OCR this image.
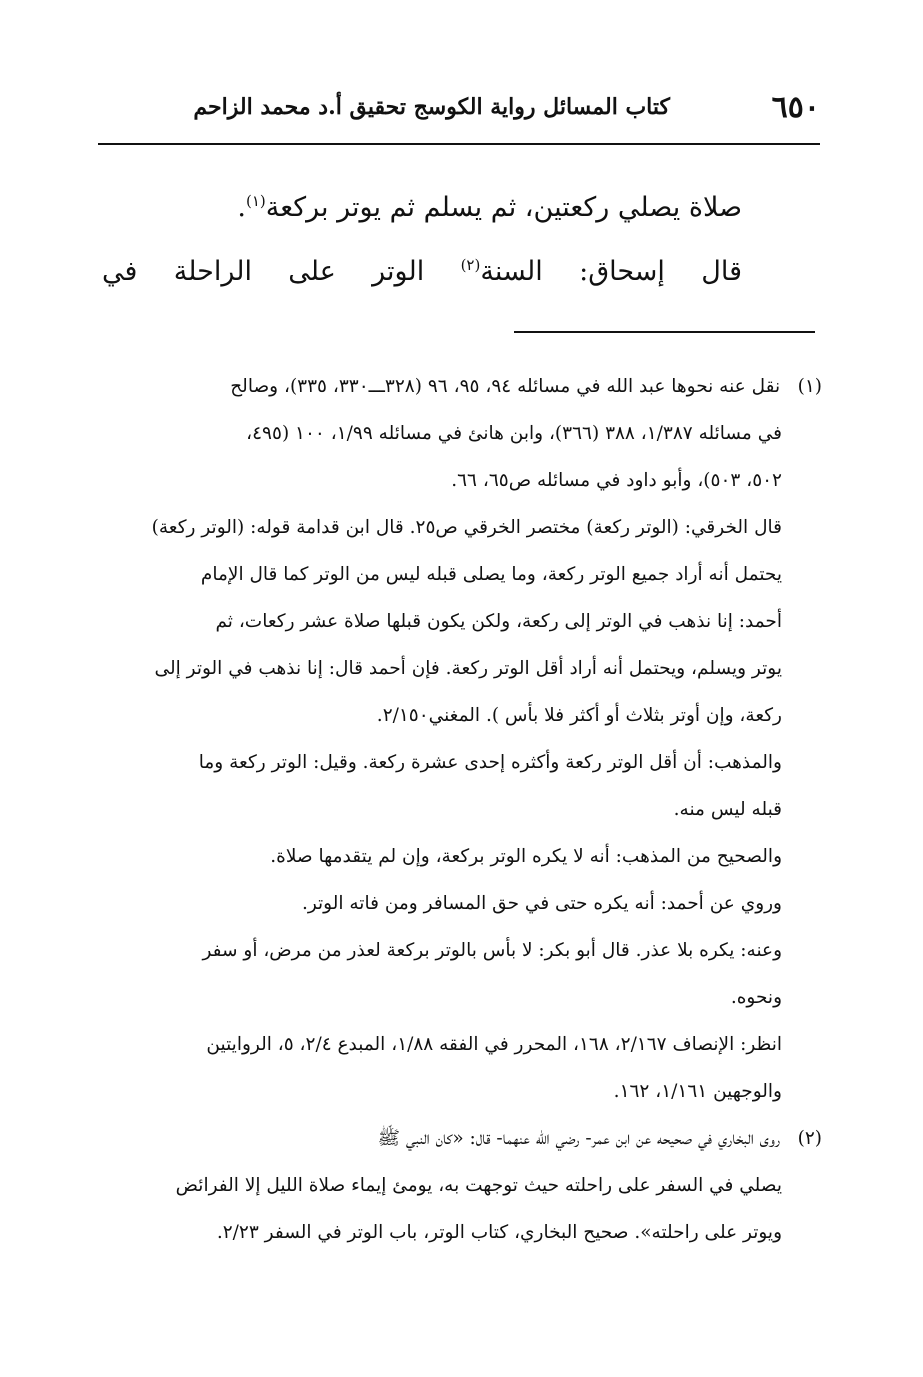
٦٥٠
كتاب المسائل رواية الكوسج تحقيق أ.د محمد الزاحم

صلاة يصلي ركعتين، ثم يسلم ثم يوتر بركعة$^{(١)}$.

قال إسحاق: السنة$^{(٢)}$ الوتر على الراحلة في

(١) نقل عنه نحوها عبد الله في مسائله ٩٤، ٩٥، ٩٦ (٣٢٨ـــ٣٣٠، ٣٣٥)، وصالح

في مسائله ١/٣٨٧، ٣٨٨ (٣٦٦)، وابن هانئ في مسائله ١/٩٩، ١٠٠ (٤٩٥،

٥٠٢، ٥٠٣)، وأبو داود في مسائله ص٦٥، ٦٦.

قال الخرقي: (الوتر ركعة) مختصر الخرقي ص٢٥. قال ابن قدامة قوله: (الوتر ركعة)

يحتمل أنه أراد جميع الوتر ركعة، وما يصلى قبله ليس من الوتر كما قال الإمام

أحمد: إنا نذهب في الوتر إلى ركعة، ولكن يكون قبلها صلاة عشر ركعات، ثم

يوتر ويسلم، ويحتمل أنه أراد أقل الوتر ركعة. فإن أحمد قال: إنا نذهب في الوتر إلى

ركعة، وإن أوتر بثلاث أو أكثر فلا بأس ). المغني٢/١٥٠.

والمذهب: أن أقل الوتر ركعة وأكثره إحدى عشرة ركعة. وقيل: الوتر ركعة وما

قبله ليس منه.

والصحيح من المذهب: أنه لا يكره الوتر بركعة، وإن لم يتقدمها صلاة.

وروي عن أحمد: أنه يكره حتى في حق المسافر ومن فاته الوتر.

وعنه: يكره بلا عذر. قال أبو بكر: لا بأس بالوتر بركعة لعذر من مرض، أو سفر

ونحوه.

انظر: الإنصاف ٢/١٦٧، ١٦٨، المحرر في الفقه ١/٨٨، المبدع ٢/٤، ٥، الروايتين

والوجهين ١/١٦١، ١٦٢.

(٢) روى البخاري في صحيحه عن ابن عمر- رضي الله عنهما- قال: «كان النبي ﷺ

يصلي في السفر على راحلته حيث توجهت به، يومئ إيماء صلاة الليل إلا الفرائض

ويوتر على راحلته». صحيح البخاري، كتاب الوتر، باب الوتر في السفر ٢/٢٣.
